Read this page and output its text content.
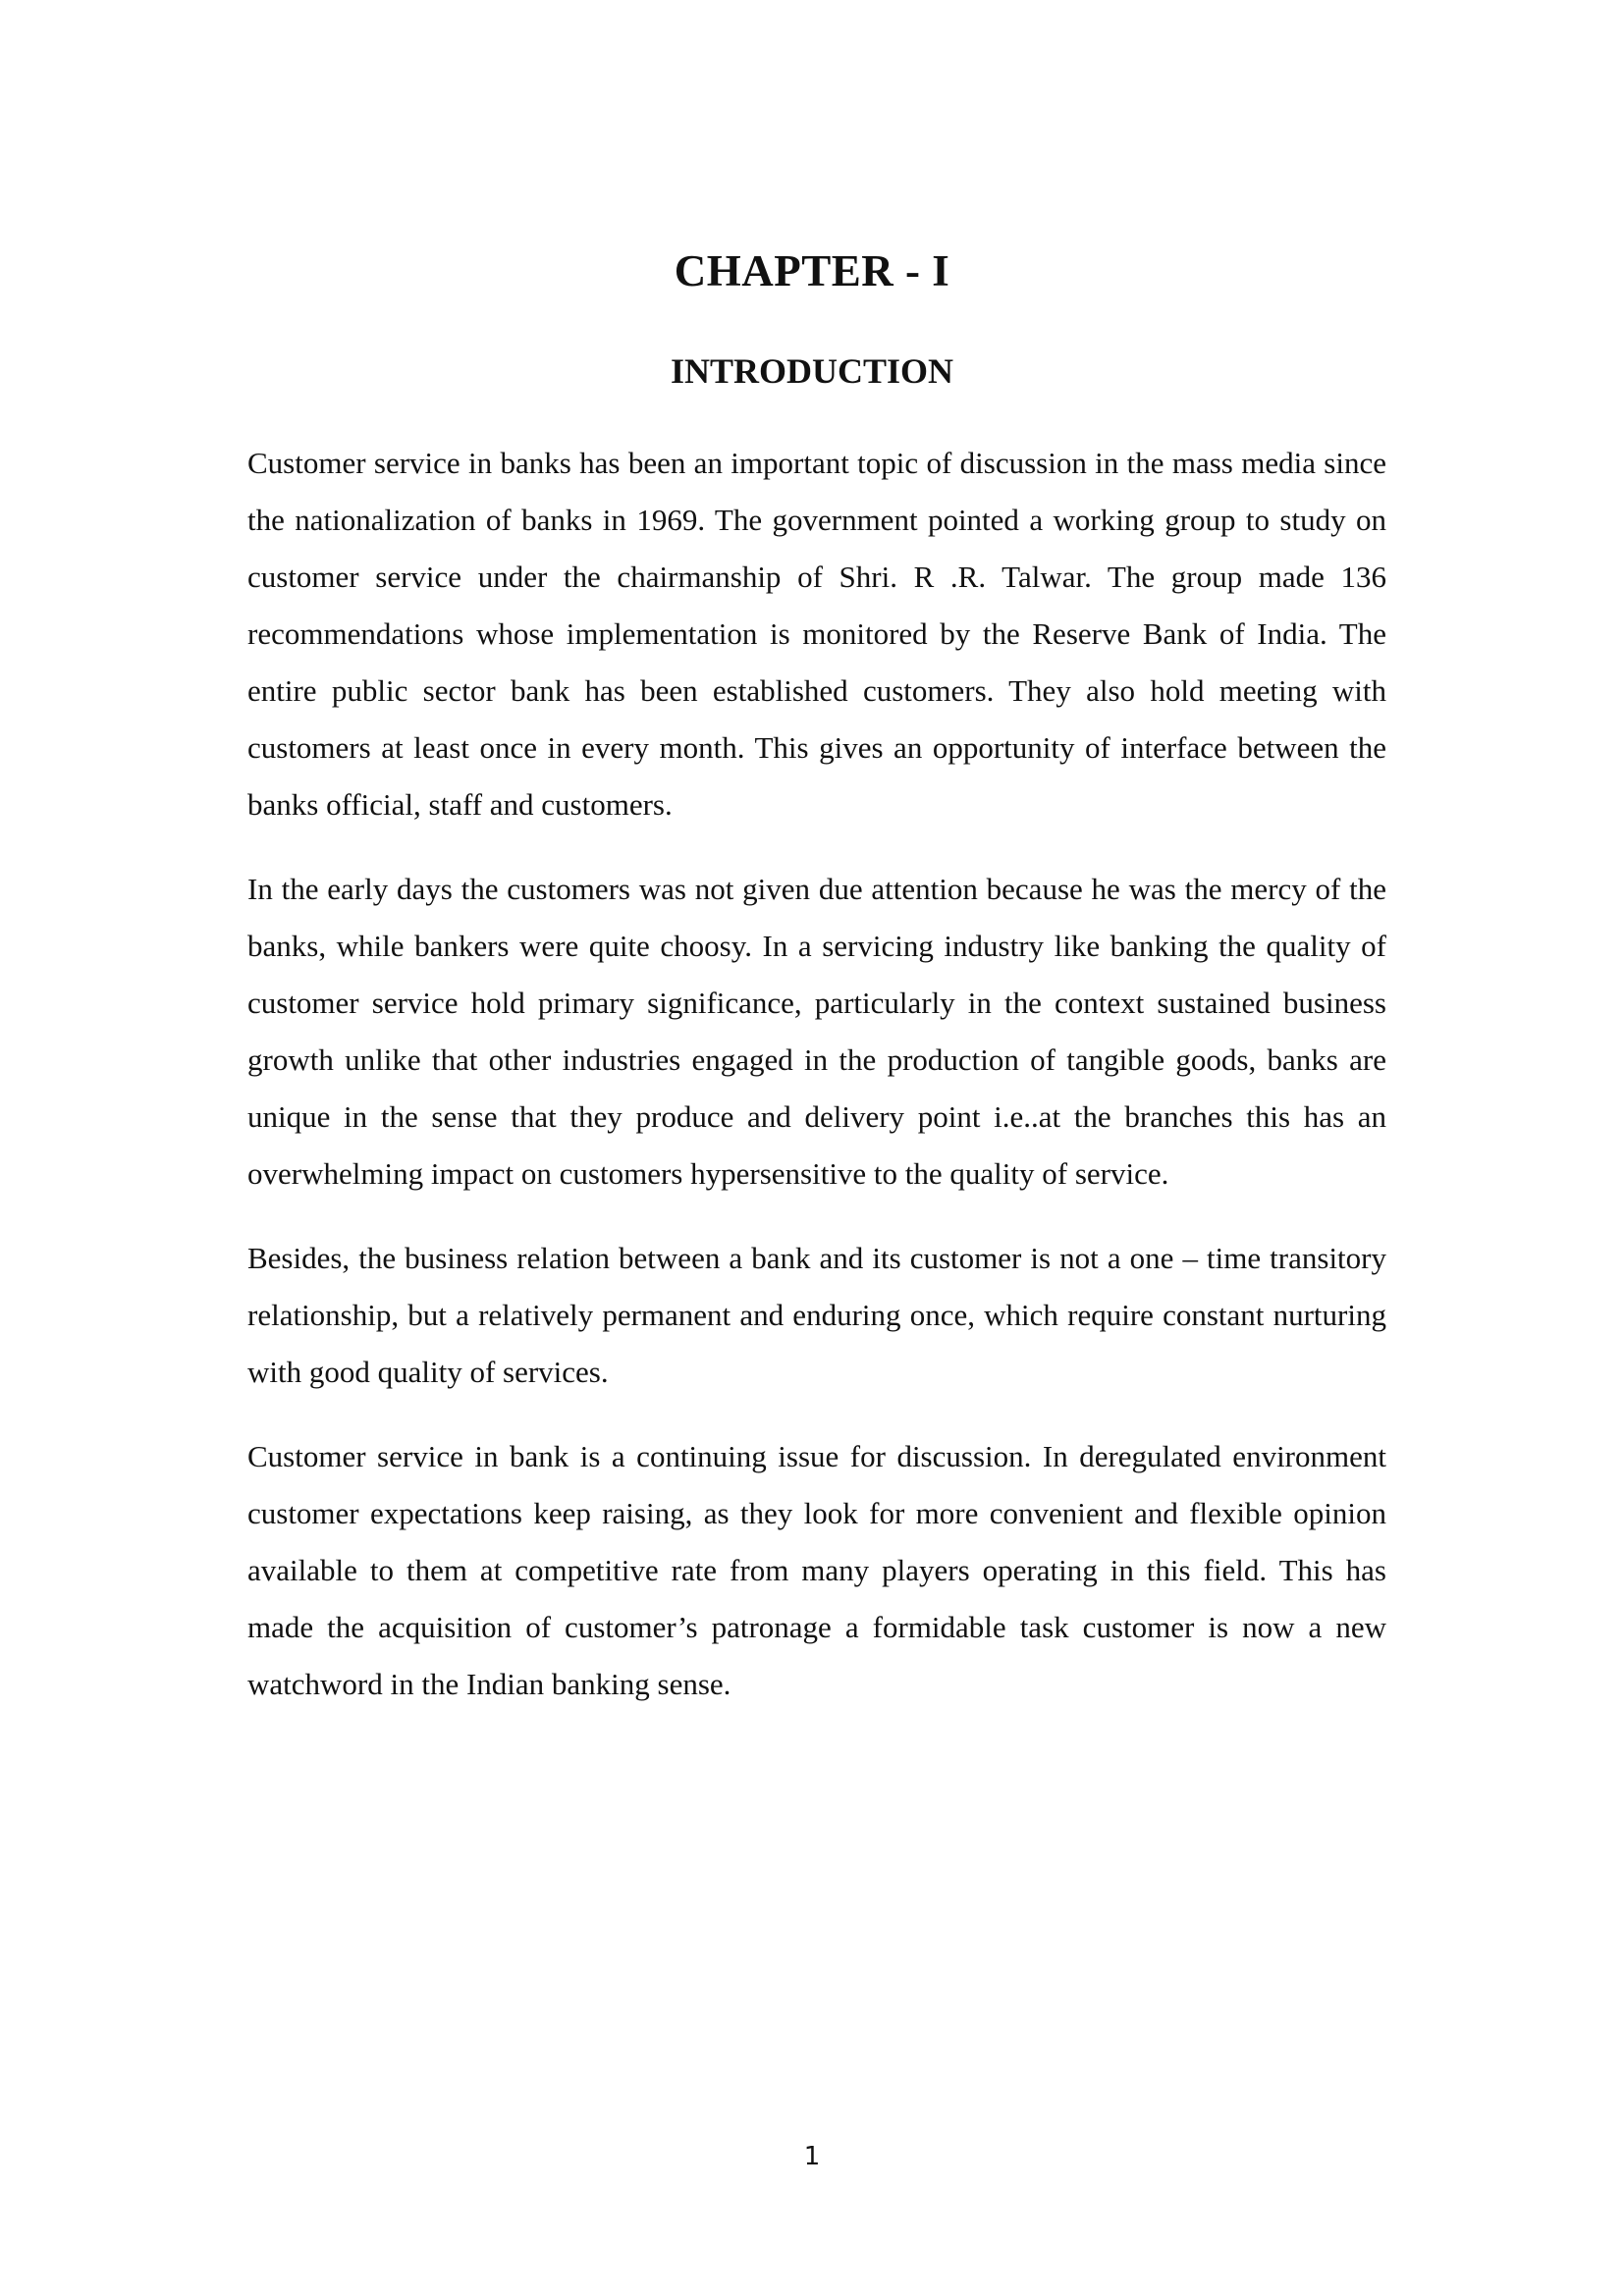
CHAPTER - I
INTRODUCTION

Customer service in banks has been an important topic of discussion in the mass media since the nationalization of banks in 1969. The government pointed a working group to study on customer service under the chairmanship of Shri. R .R. Talwar. The group made 136 recommendations whose implementation is monitored by the Reserve Bank of India. The entire public sector bank has been established customers. They also hold meeting with customers at least once in every month. This gives an opportunity of interface between the banks official, staff and customers.

In the early days the customers was not given due attention because he was the mercy of the banks, while bankers were quite choosy. In a servicing industry like banking the quality of customer service hold primary significance, particularly in the context sustained business growth unlike that other industries engaged in the production of tangible goods, banks are unique in the sense that they produce and delivery point i.e..at the branches this has an overwhelming impact on customers hypersensitive to the quality of service.

Besides, the business relation between a bank and its customer is not a one – time transitory relationship, but a relatively permanent and enduring once, which require constant nurturing with good quality of services.

Customer service in bank is a continuing issue for discussion. In deregulated environment customer expectations keep raising, as they look for more convenient and flexible opinion available to them at competitive rate from many players operating in this field. This has made the acquisition of customer’s patronage a formidable task customer is now a new watchword in the Indian banking sense.

1
